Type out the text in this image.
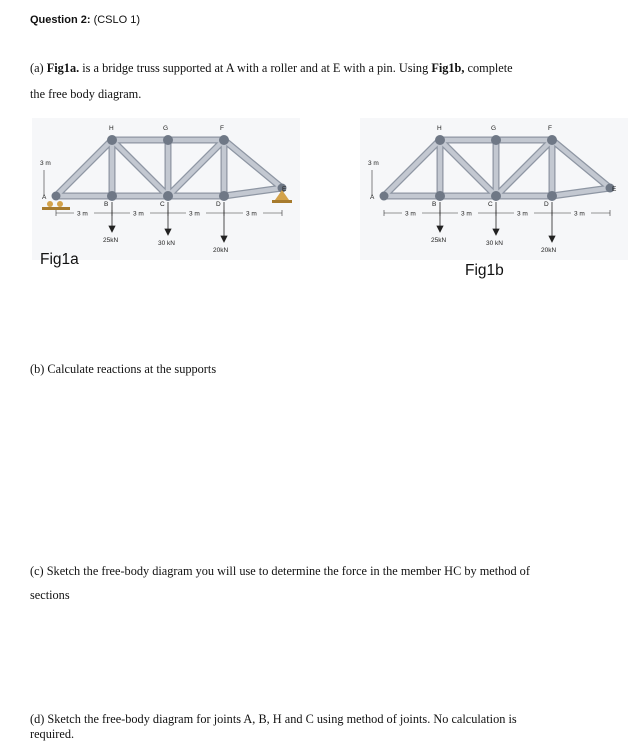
Question 2: (CSLO 1)
(a) Fig1a. is a bridge truss supported at A with a roller and at E with a pin. Using Fig1b, complete
the free body diagram.
A
B	C	D
E
F
G
H
3 m
3 m	3 m	3 m	3 m
25kN	30 kN
20kN
Fig1a
A
B	C	D
E
F
G
H
3 m
3 m	3 m	3 m	3 m
25kN	30 kN
20kN
Fig1b
(b) Calculate reactions at the supports
(c) Sketch the free-body diagram you will use to determine the force in the member HC by method of
sections
(d) Sketch the free-body diagram for joints A, B, H and C using method of joints. No calculation is
required.
